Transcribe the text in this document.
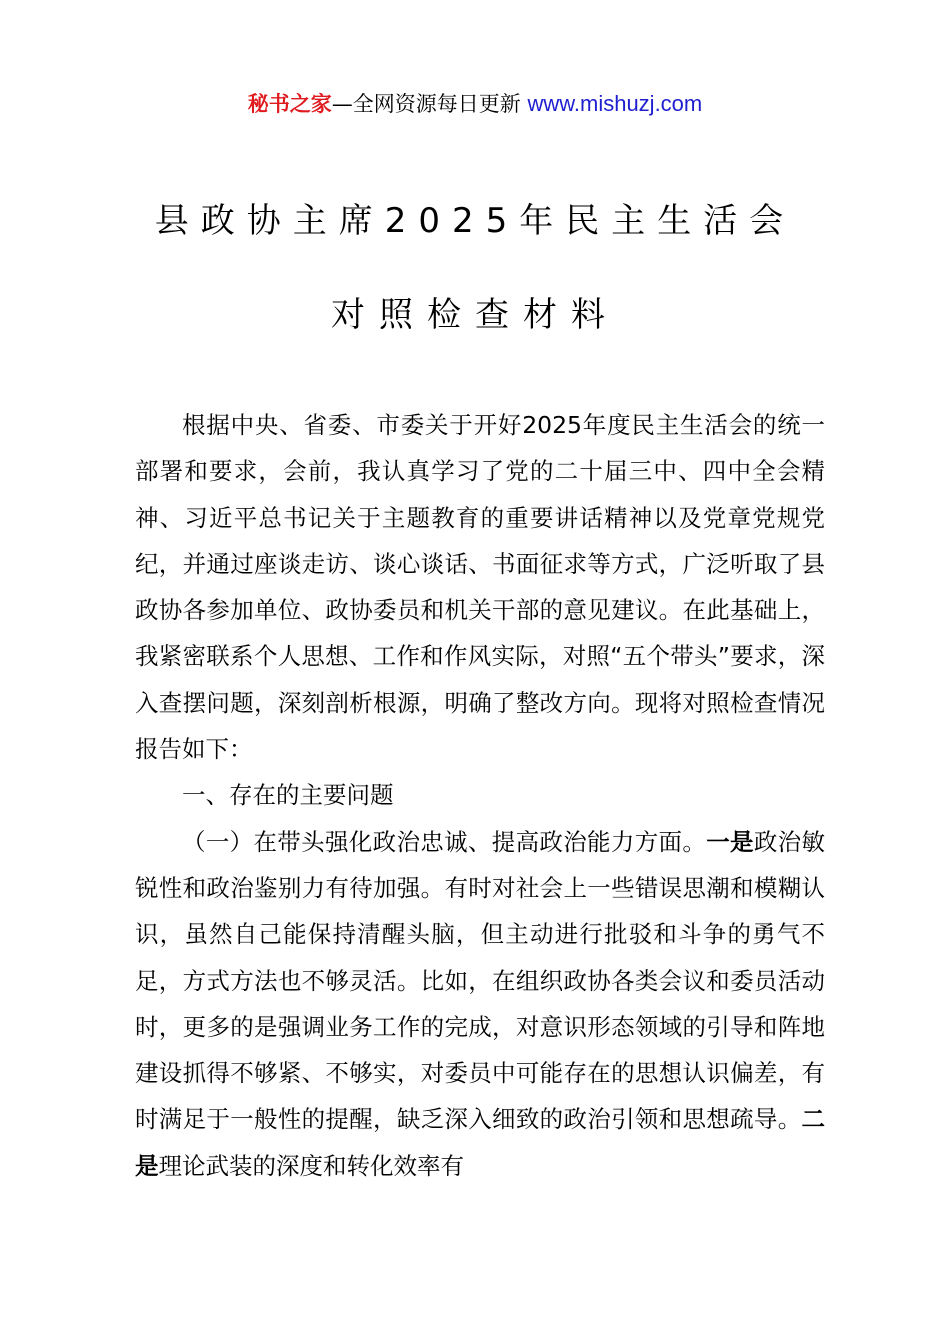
秘书之家—全网资源每日更新 www.mishuzj.com
县政协主席2025年民主生活会
对照检查材料

根据中央、省委、市委关于开好2025年度民主生活会的统一部署和要求，会前，我认真学习了党的二十届三中、四中全会精神、习近平总书记关于主题教育的重要讲话精神以及党章党规党纪，并通过座谈走访、谈心谈话、书面征求等方式，广泛听取了县政协各参加单位、政协委员和机关干部的意见建议。在此基础上，我紧密联系个人思想、工作和作风实际，对照“五个带头”要求，深入查摆问题，深刻剖析根源，明确了整改方向。现将对照检查情况报告如下：

一、存在的主要问题

（一）在带头强化政治忠诚、提高政治能力方面。一是政治敏锐性和政治鉴别力有待加强。有时对社会上一些错误思潮和模糊认识，虽然自己能保持清醒头脑，但主动进行批驳和斗争的勇气不足，方式方法也不够灵活。比如，在组织政协各类会议和委员活动时，更多的是强调业务工作的完成，对意识形态领域的引导和阵地建设抓得不够紧、不够实，对委员中可能存在的思想认识偏差，有时满足于一般性的提醒，缺乏深入细致的政治引领和思想疏导。二是理论武装的深度和转化效率有
